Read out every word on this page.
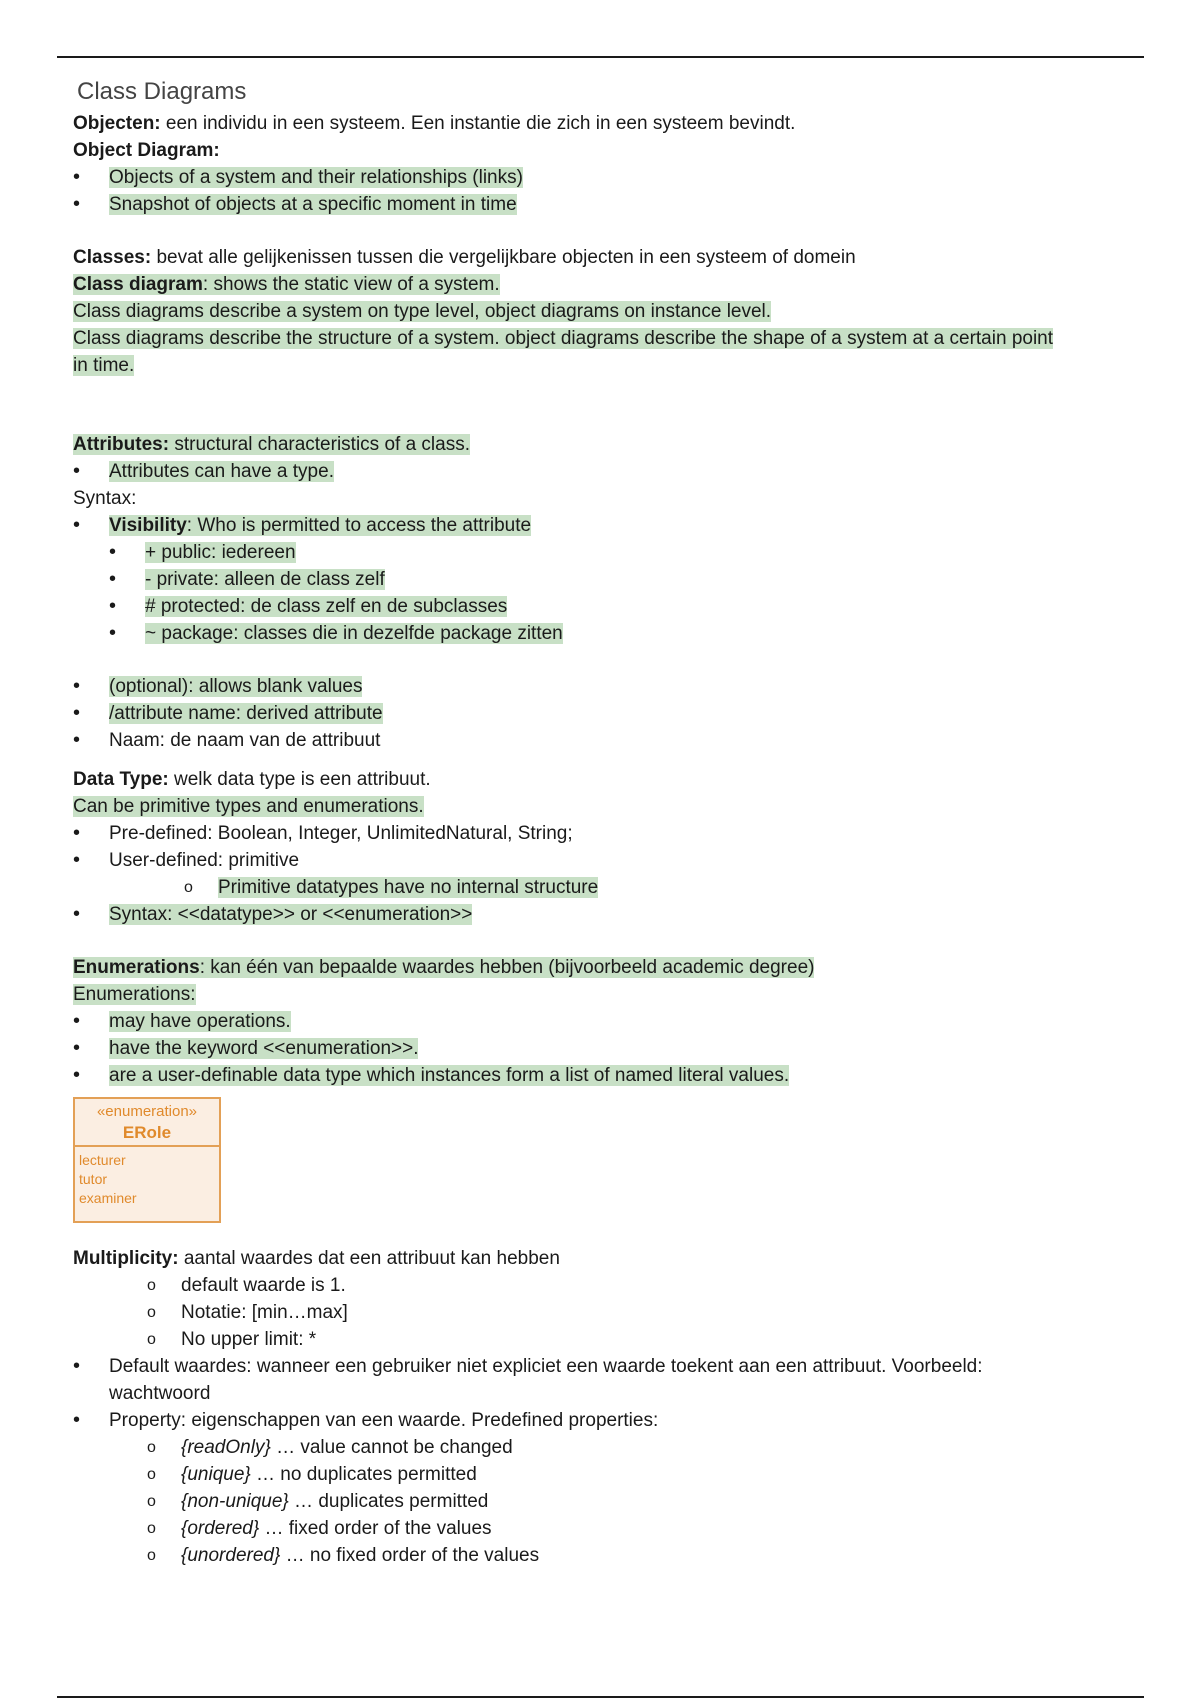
Class Diagrams

Objecten: een individu in een systeem. Een instantie die zich in een systeem bevindt.

Object Diagram:

• Objects of a system and their relationships (links)
• Snapshot of objects at a specific moment in time

Classes: bevat alle gelijkenissen tussen die vergelijkbare objecten in een systeem of domein

Class diagram: shows the static view of a system.

Class diagrams describe a system on type level, object diagrams on instance level.

Class diagrams describe the structure of a system. object diagrams describe the shape of a system at a certain point

in time.

Attributes: structural characteristics of a class.

• Attributes can have a type.

Syntax:

• Visibility: Who is permitted to access the attribute
• + public: iedereen
• - private: alleen de class zelf
• # protected: de class zelf en de subclasses
• ~ package: classes die in dezelfde package zitten
• (optional): allows blank values
• /attribute name: derived attribute
• Naam: de naam van de attribuut

Data Type: welk data type is een attribuut.

Can be primitive types and enumerations.

• Pre-defined: Boolean, Integer, UnlimitedNatural, String;
• User-defined: primitive
o Primitive datatypes have no internal structure
• Syntax: <<datatype>> or <<enumeration>>

Enumerations: kan één van bepaalde waardes hebben (bijvoorbeeld academic degree)

Enumerations:

• may have operations.
• have the keyword <<enumeration>>.
• are a user-definable data type which instances form a list of named literal values.
«enumeration»
ERole
lecturer
tutor
examiner

Multiplicity: aantal waardes dat een attribuut kan hebben

o default waarde is 1.
o Notatie: [min…max]
o No upper limit: *
• Default waardes: wanneer een gebruiker niet expliciet een waarde toekent aan een attribuut. Voorbeeld:
wachtwoord
• Property: eigenschappen van een waarde. Predefined properties:
o {readOnly} … value cannot be changed
o {unique} … no duplicates permitted
o {non-unique} … duplicates permitted
o {ordered} … fixed order of the values
o {unordered} … no fixed order of the values
